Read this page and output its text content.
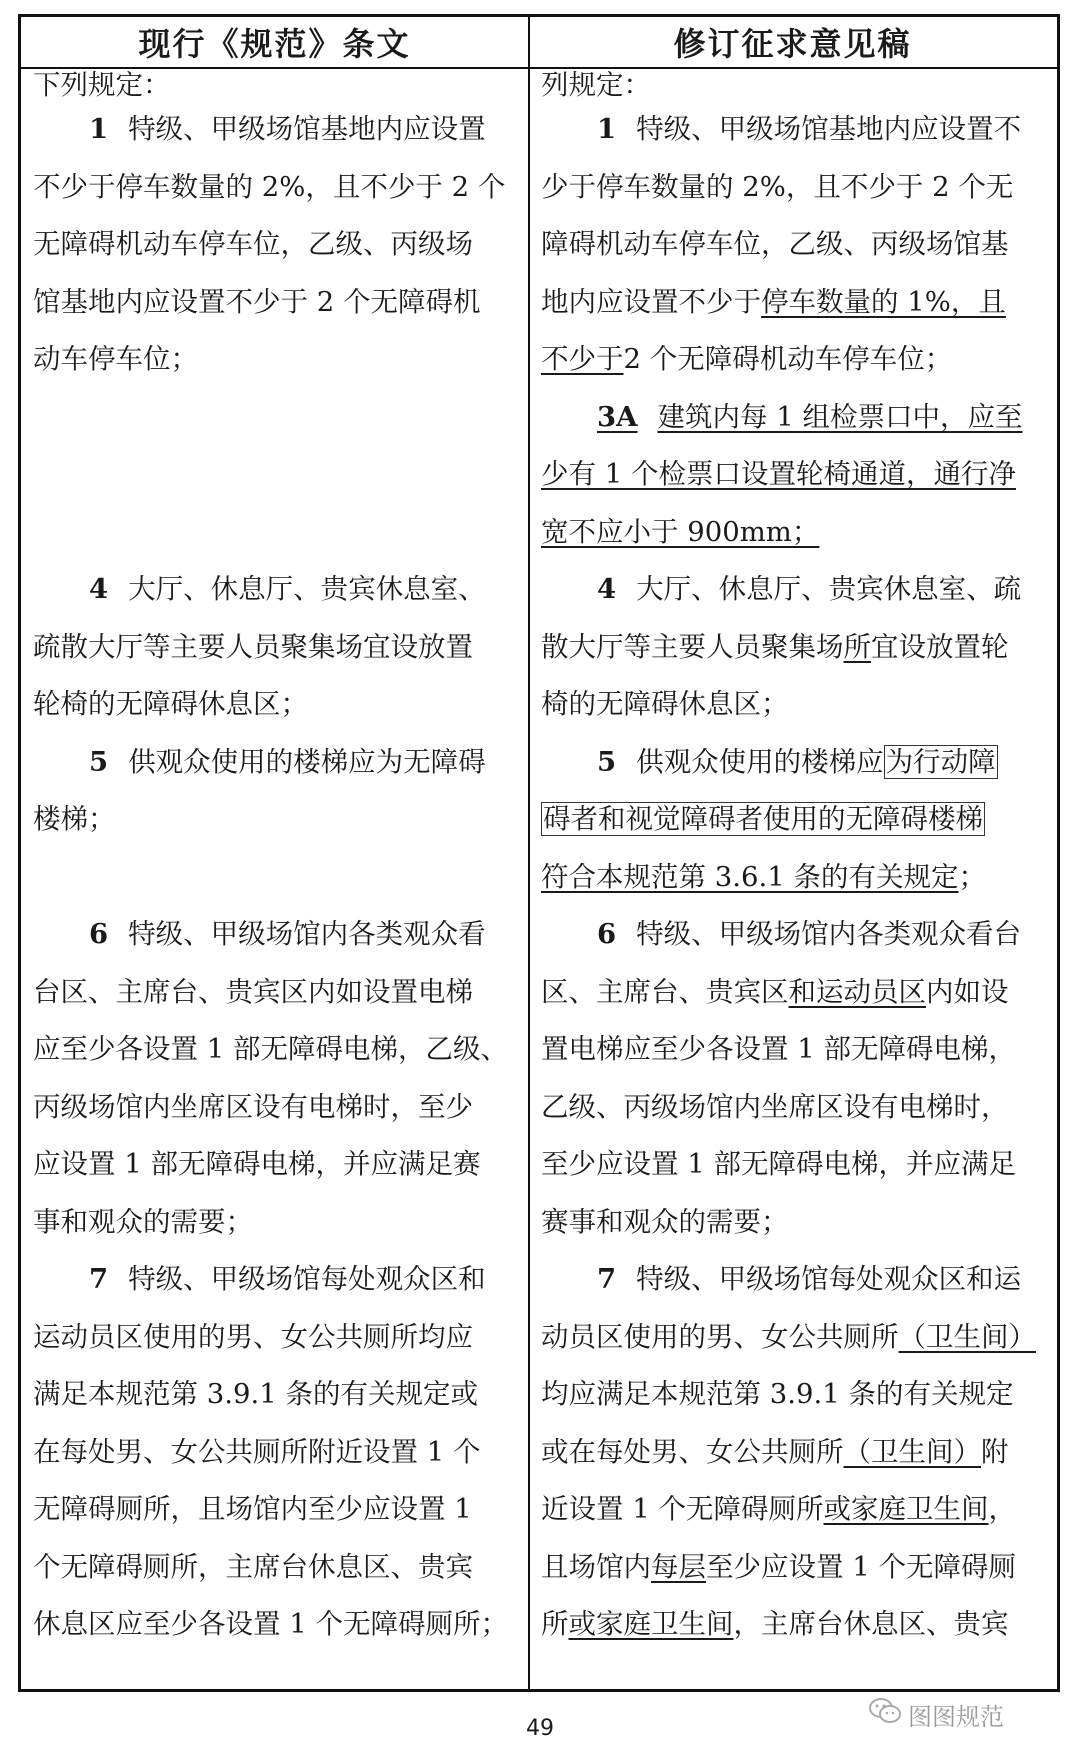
现行《规范》条文	修订征求意见稿
下列规定：
1 特级、甲级场馆基地内应设置
不少于停车数量的 2%，且不少于 2 个
无障碍机动车停车位，乙级、丙级场
馆基地内应设置不少于 2 个无障碍机
动车停车位；
4 大厅、休息厅、贵宾休息室、
疏散大厅等主要人员聚集场宜设放置
轮椅的无障碍休息区；
5 供观众使用的楼梯应为无障碍
楼梯；
6 特级、甲级场馆内各类观众看
台区、主席台、贵宾区内如设置电梯
应至少各设置 1 部无障碍电梯，乙级、
丙级场馆内坐席区设有电梯时，至少
应设置 1 部无障碍电梯，并应满足赛
事和观众的需要；
7 特级、甲级场馆每处观众区和
运动员区使用的男、女公共厕所均应
满足本规范第 3.9.1 条的有关规定或
在每处男、女公共厕所附近设置 1 个
无障碍厕所，且场馆内至少应设置 1
个无障碍厕所，主席台休息区、贵宾
休息区应至少各设置 1 个无障碍厕所；
列规定：
1 特级、甲级场馆基地内应设置不
少于停车数量的 2%，且不少于 2 个无
障碍机动车停车位，乙级、丙级场馆基
地内应设置不少于停车数量的 1%，且
不少于2 个无障碍机动车停车位；
3A 建筑内每 1 组检票口中，应至
少有 1 个检票口设置轮椅通道，通行净
宽不应小于 900mm；
4 大厅、休息厅、贵宾休息室、疏
散大厅等主要人员聚集场所宜设放置轮
椅的无障碍休息区；
5 供观众使用的楼梯应为行动障
碍者和视觉障碍者使用的无障碍楼梯
符合本规范第 3.6.1 条的有关规定；
6 特级、甲级场馆内各类观众看台
区、主席台、贵宾区和运动员区内如设
置电梯应至少各设置 1 部无障碍电梯，
乙级、丙级场馆内坐席区设有电梯时，
至少应设置 1 部无障碍电梯，并应满足
赛事和观众的需要；
7 特级、甲级场馆每处观众区和运
动员区使用的男、女公共厕所（卫生间）
均应满足本规范第 3.9.1 条的有关规定
或在每处男、女公共厕所（卫生间）附
近设置 1 个无障碍厕所或家庭卫生间，
且场馆内每层至少应设置 1 个无障碍厕
所或家庭卫生间，主席台休息区、贵宾
图图规范
49
